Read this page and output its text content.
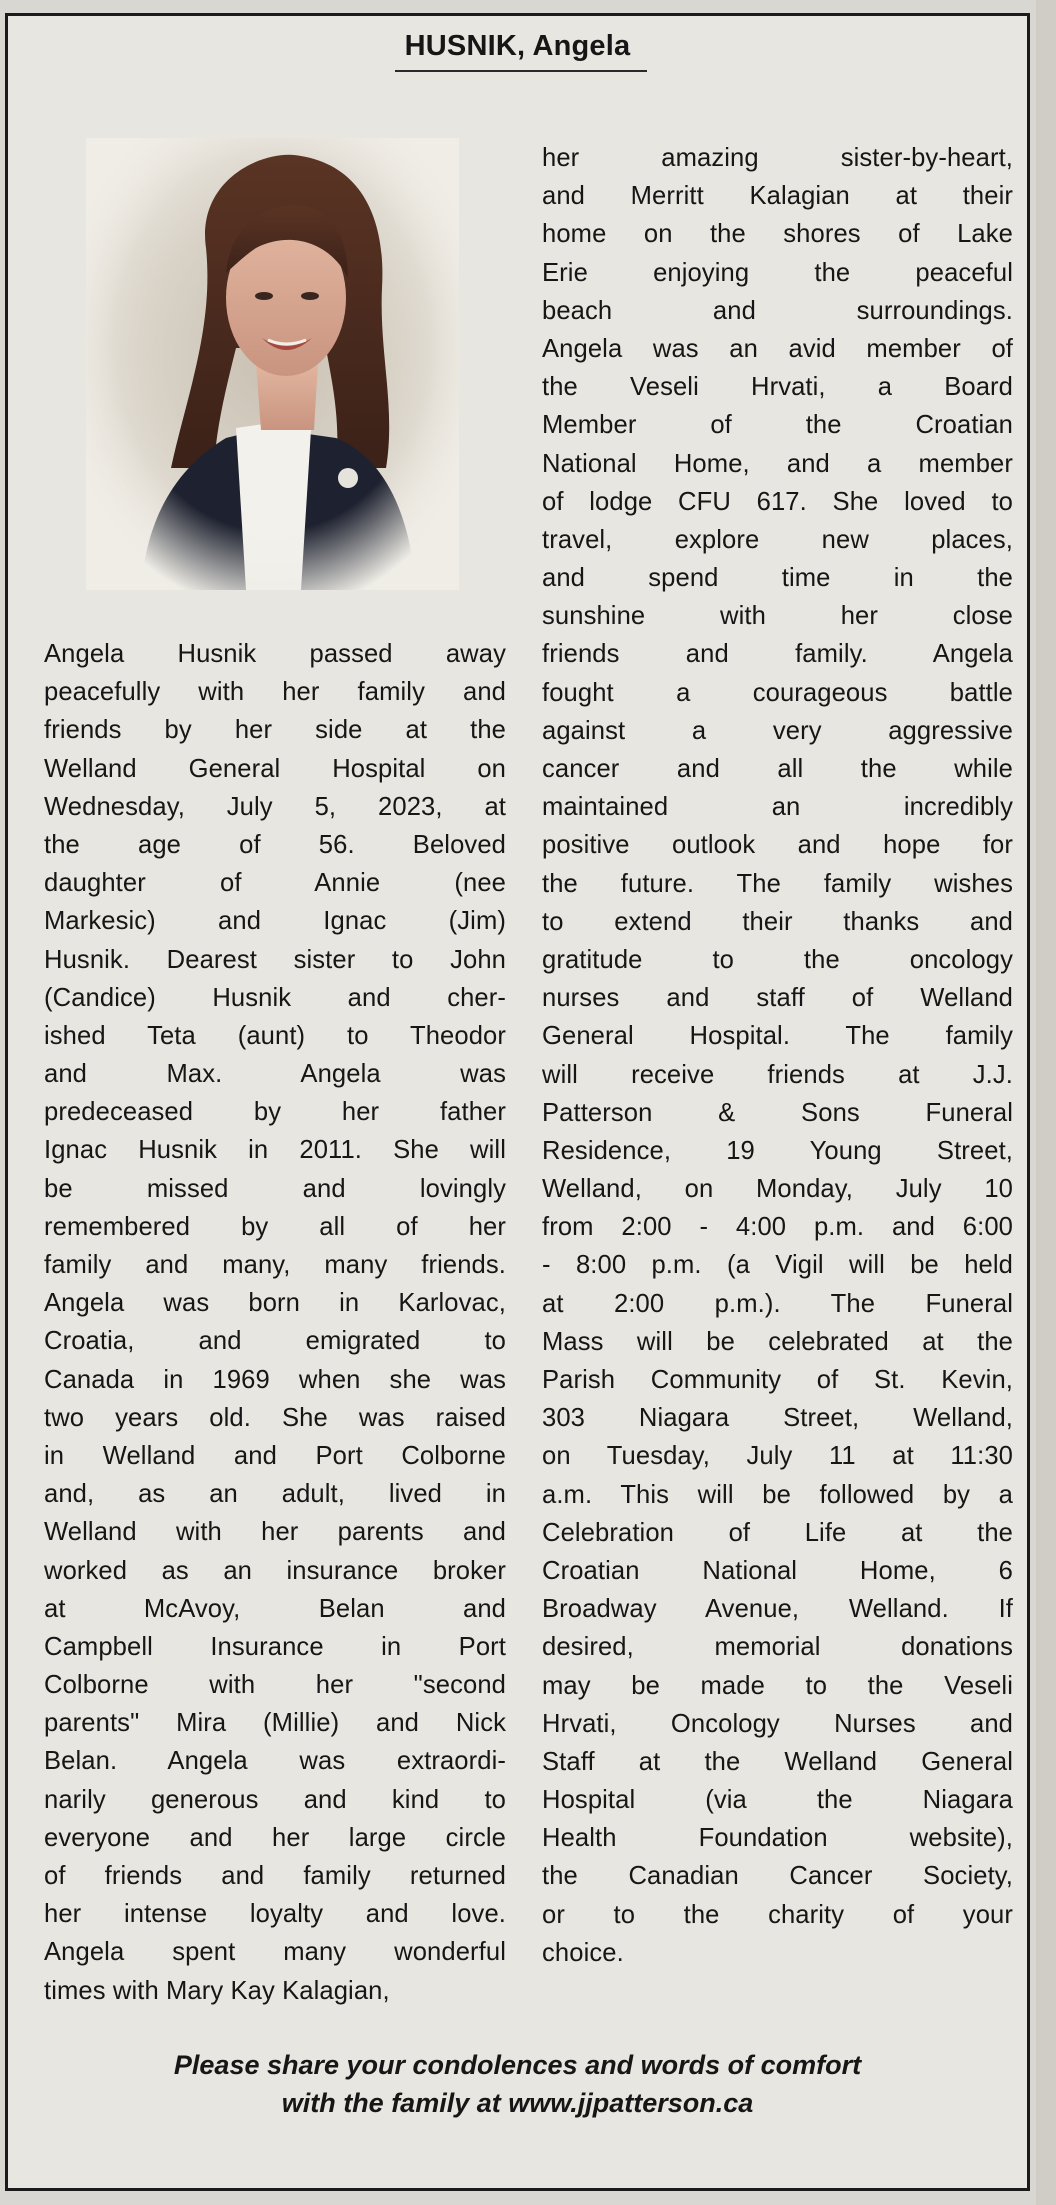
HUSNIK, Angela
Angela Husnik passed away
peacefully with her family and
friends by her side at the
Welland General Hospital on
Wednesday, July 5, 2023, at
the age of 56. Beloved
daughter of Annie (nee
Markesic) and Ignac (Jim)
Husnik. Dearest sister to John
(Candice) Husnik and cher-
ished Teta (aunt) to Theodor
and Max. Angela was
predeceased by her father
Ignac Husnik in 2011. She will
be missed and lovingly
remembered by all of her
family and many, many friends.
Angela was born in Karlovac,
Croatia, and emigrated to
Canada in 1969 when she was
two years old. She was raised
in Welland and Port Colborne
and, as an adult, lived in
Welland with her parents and
worked as an insurance broker
at McAvoy, Belan and
Campbell Insurance in Port
Colborne with her "second
parents" Mira (Millie) and Nick
Belan. Angela was extraordi-
narily generous and kind to
everyone and her large circle
of friends and family returned
her intense loyalty and love.
Angela spent many wonderful
times with Mary Kay Kalagian,
her amazing sister-by-heart,
and Merritt Kalagian at their
home on the shores of Lake
Erie enjoying the peaceful
beach and surroundings.
Angela was an avid member of
the Veseli Hrvati, a Board
Member of the Croatian
National Home, and a member
of lodge CFU 617. She loved to
travel, explore new places,
and spend time in the
sunshine with her close
friends and family. Angela
fought a courageous battle
against a very aggressive
cancer and all the while
maintained an incredibly
positive outlook and hope for
the future. The family wishes
to extend their thanks and
gratitude to the oncology
nurses and staff of Welland
General Hospital. The family
will receive friends at J.J.
Patterson & Sons Funeral
Residence, 19 Young Street,
Welland, on Monday, July 10
from 2:00 - 4:00 p.m. and 6:00
- 8:00 p.m. (a Vigil will be held
at 2:00 p.m.). The Funeral
Mass will be celebrated at the
Parish Community of St. Kevin,
303 Niagara Street, Welland,
on Tuesday, July 11 at 11:30
a.m. This will be followed by a
Celebration of Life at the
Croatian National Home, 6
Broadway Avenue, Welland. If
desired, memorial donations
may be made to the Veseli
Hrvati, Oncology Nurses and
Staff at the Welland General
Hospital (via the Niagara
Health Foundation website),
the Canadian Cancer Society,
or to the charity of your
choice.
Please share your condolences and words of comfort
with the family at www.jjpatterson.ca
